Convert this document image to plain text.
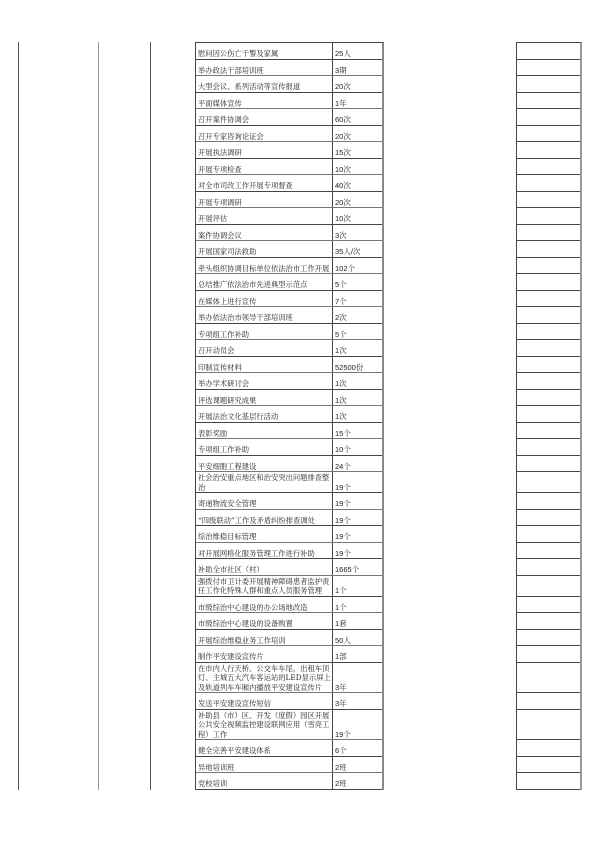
慰问因公伤亡干警及家属	25人
举办政法干部培训班	3期
大型会议、系列活动等宣传报道	20次
平面媒体宣传	1年
召开案件协调会	60次
召开专家咨询论证会	20次
开展执法调研	15次
开展专项检查	10次
对全市司改工作开展专项督查	40次
开展专项调研	20次
开展评估	10次
案件协调会议	3次
开展国家司法救助	35人/次
牵头组织协调目标单位依法治市工作开展 102个
总结推广依法治市先进典型示范点	5个
在媒体上进行宣传	7个
举办依法治市领导干部培训班	2次
专项组工作补助	5个
召开动员会	1次
印制宣传材料	52500份
举办学术研讨会	1次
评选课题研究成果	1次
开展法治文化基层行活动	1次
表彰奖励	15个
专项组工作补助	10个
平安细胞工程建设	24个
社会治安重点地区和治安突出问题排查整治	19个
寄递物流安全管理	19个
“四级联动”工作及矛盾纠纷排查调处	19个
综治维稳目标管理	19个
对开展网格化服务管理工作进行补助	19个
补助全市社区（村）	1665个
强拨付市卫计委开展精神障碍患者监护责任工作化特殊人群和重点人员服务管理	1个
市级综治中心建设的办公场地改造	1个
市级综治中心建设的设备购置	1套
开展综治维稳业务工作培训	50人
制作平安建设宣传片	1部
在市内人行天桥、公交车车尾、出租车顶灯、主城五大汽车客运站的LED显示屏上及轨道列车车厢内播放平安建设宣传片	3年
发送平安建设宣传短信	3年
补助县（市）区、开发（度假）园区开展公共安全视频监控建设联网应用（雪亮工程）工作	19个
健全完善平安建设体系	6个
异地培训班	2班
党校培训	2班
